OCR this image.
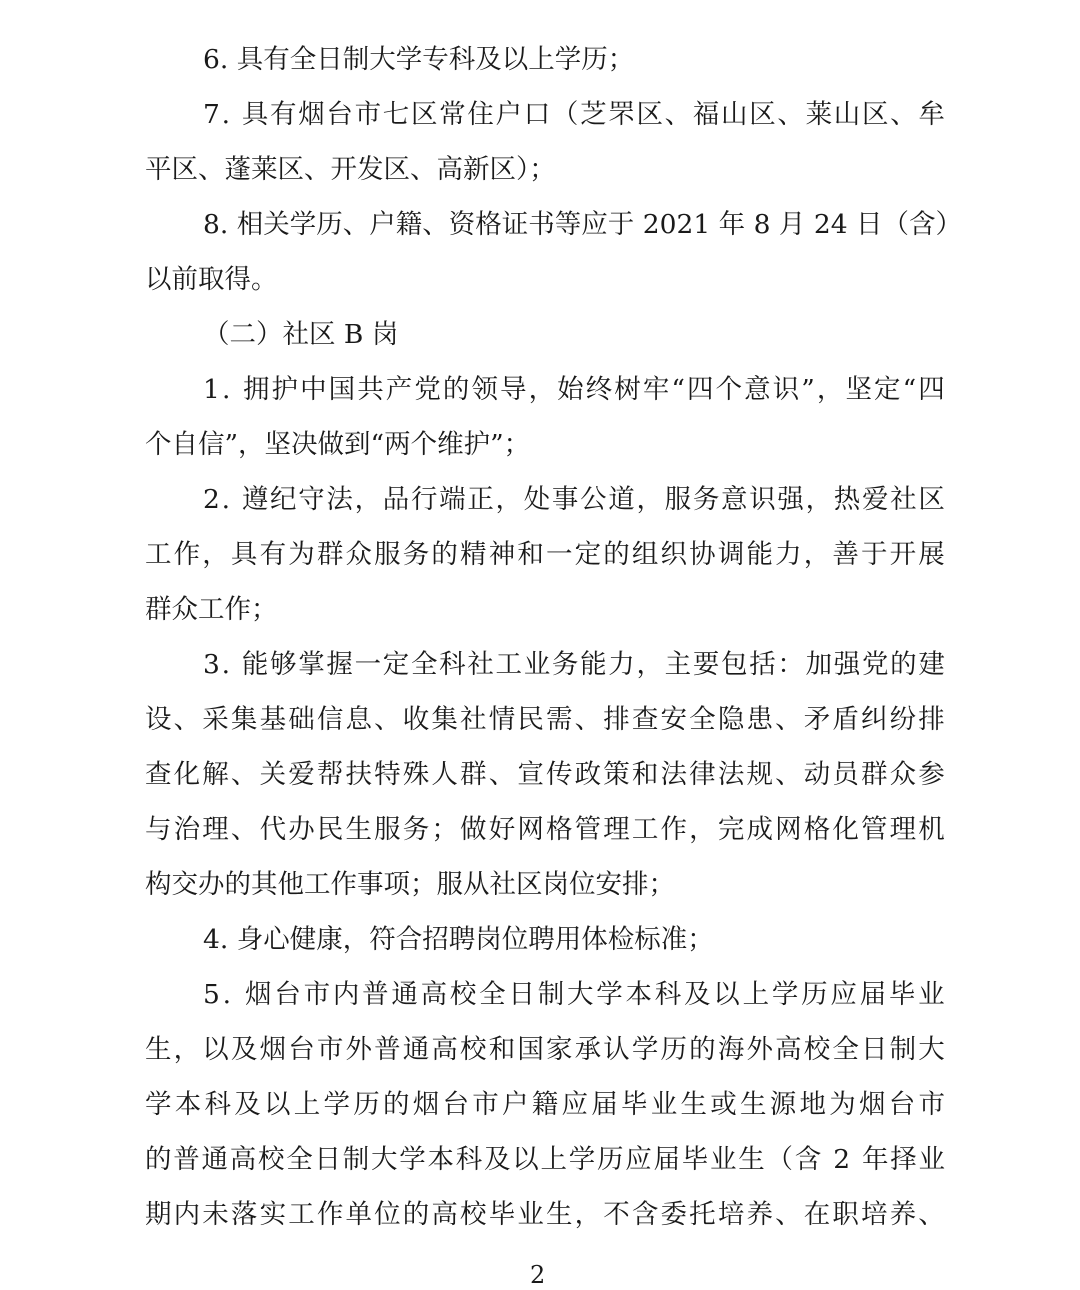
6. 具有全日制大学专科及以上学历；
7 .
具 有 烟 台 市 七 区 常 住 户 口 （ 芝 罘 区 、 福 山 区 、 莱 山 区 、 牟
平区、蓬莱区、开发区、高新区）；
8 .
相 关 学 历 、 户 籍 、 资 格 证 书 等 应 于
2 0 2 1
年
8
月
2 4
日 （ 含 ）
以前取得。
（二）社区 B 岗
1 .
拥 护 中 国 共 产 党 的 领 导 ， 始 终 树 牢 “ 四 个 意 识 ” ， 坚 定 “ 四
个自信”，坚决做到“两个维护”；
2 .
遵 纪 守 法 ， 品 行 端 正 ， 处 事 公 道 ， 服 务 意 识 强 ， 热 爱 社 区
工 作 ， 具 有 为 群 众 服 务 的 精 神 和 一 定 的 组 织 协 调 能 力 ， 善 于 开 展
群众工作；
3 .
能 够 掌 握 一 定 全 科 社 工 业 务 能 力 ， 主 要 包 括 ： 加 强 党 的 建
设 、 采 集 基 础 信 息 、 收 集 社 情 民 需 、 排 查 安 全 隐 患 、 矛 盾 纠 纷 排
查 化 解 、 关 爱 帮 扶 特 殊 人 群 、 宣 传 政 策 和 法 律 法 规 、 动 员 群 众 参
与 治 理 、 代 办 民 生 服 务 ； 做 好 网 格 管 理 工 作 ， 完 成 网 格 化 管 理 机
构交办的其他工作事项；服从社区岗位安排；
4. 身心健康，符合招聘岗位聘用体检标准；
5 .
烟 台 市 内 普 通 高 校 全 日 制 大 学 本 科 及 以 上 学 历 应 届 毕 业
生 ， 以 及 烟 台 市 外 普 通 高 校 和 国 家 承 认 学 历 的 海 外 高 校 全 日 制 大
学 本 科 及 以 上 学 历 的 烟 台 市 户 籍 应 届 毕 业 生 或 生 源 地 为 烟 台 市
的 普 通 高 校 全 日 制 大 学 本 科 及 以 上 学 历 应 届 毕 业 生 （ 含
2
年 择 业
期 内 未 落 实 工 作 单 位 的 高 校 毕 业 生 ， 不 含 委 托 培 养 、 在 职 培 养 、
2
